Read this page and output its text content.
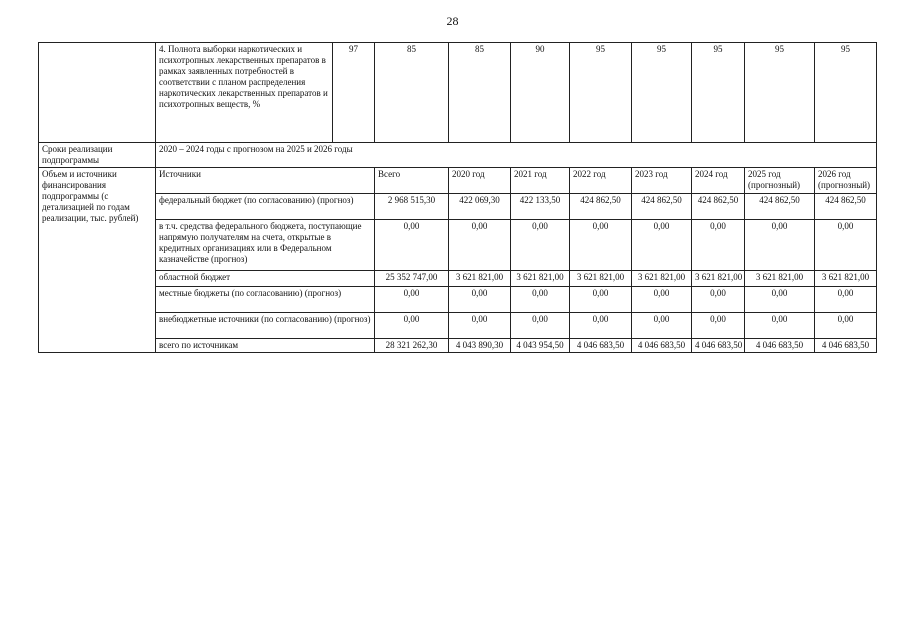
28
	4. Полнота выборки наркотических и психотропных лекарственных препаратов в рамках заявленных потребностей в соответствии с планом распределения наркотических лекарственных препаратов и психотропных веществ, %	97	85	85	90	95	95	95	95	95
Сроки реализации подпрограммы	2020 – 2024 годы с прогнозом на 2025 и 2026 годы									
Объем и источники финансирования подпрограммы (с детализацией по годам реализации, тыс. рублей)	Источники		Всего	2020 год	2021 год	2022 год	2023 год	2024 год	2025 год (прогнозный)	2026 год (прогнозный)
	федеральный бюджет (по согласованию) (прогноз)		2 968 515,30	422 069,30	422 133,50	424 862,50	424 862,50	424 862,50	424 862,50	424 862,50
	в т.ч. средства федерального бюджета, поступающие напрямую получателям на счета, открытые в кредитных организациях или в Федеральном казначействе (прогноз)		0,00	0,00	0,00	0,00	0,00	0,00	0,00	0,00
	областной бюджет		25 352 747,00	3 621 821,00	3 621 821,00	3 621 821,00	3 621 821,00	3 621 821,00	3 621 821,00	3 621 821,00
	местные бюджеты (по согласованию) (прогноз)		0,00	0,00	0,00	0,00	0,00	0,00	0,00	0,00
	внебюджетные источники (по согласованию) (прогноз)		0,00	0,00	0,00	0,00	0,00	0,00	0,00	0,00
	всего по источникам		28 321 262,30	4 043 890,30	4 043 954,50	4 046 683,50	4 046 683,50	4 046 683,50	4 046 683,50	4 046 683,50
